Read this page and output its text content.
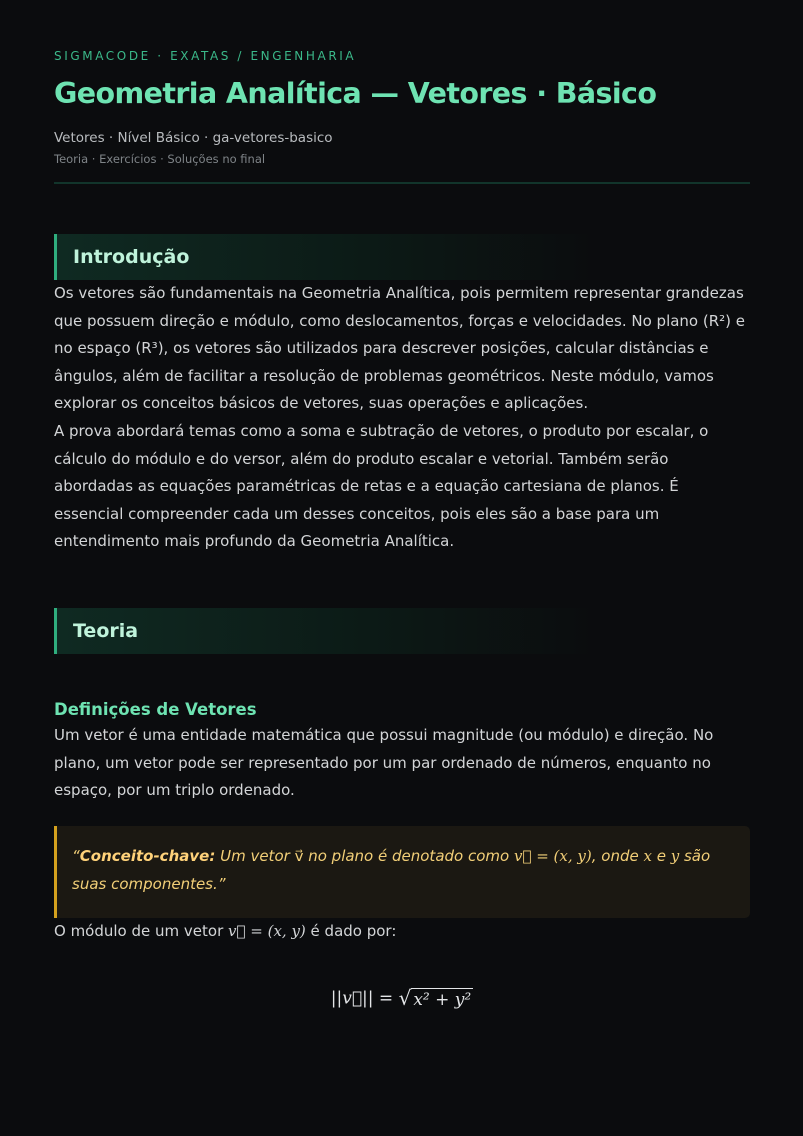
SIGMACODE · EXATAS / ENGENHARIA

Geometria Analítica — Vetores · Básico

Vetores · Nível Básico · ga-vetores-basico

Teoria · Exercícios · Soluções no final

Introdução

Os vetores são fundamentais na Geometria Analítica, pois permitem representar grandezas que possuem direção e módulo, como deslocamentos, forças e velocidades. No plano (R²) e no espaço (R³), os vetores são utilizados para descrever posições, calcular distâncias e ângulos, além de facilitar a resolução de problemas geométricos. Neste módulo, vamos explorar os conceitos básicos de vetores, suas operações e aplicações.

A prova abordará temas como a soma e subtração de vetores, o produto por escalar, o cálculo do módulo e do versor, além do produto escalar e vetorial. Também serão abordadas as equações paramétricas de retas e a equação cartesiana de planos. É essencial compreender cada um desses conceitos, pois eles são a base para um entendimento mais profundo da Geometria Analítica.

Teoria
Definições de Vetores

Um vetor é uma entidade matemática que possui magnitude (ou módulo) e direção. No plano, um vetor pode ser representado por um par ordenado de números, enquanto no espaço, por um triplo ordenado.

“Conceito-chave: Um vetor v⃗ no plano é denotado como v⃗ = (x, y), onde x e y são suas componentes.”

O módulo de um vetor v⃗ = (x, y) é dado por:

||v⃗|| = √ x² + y²
